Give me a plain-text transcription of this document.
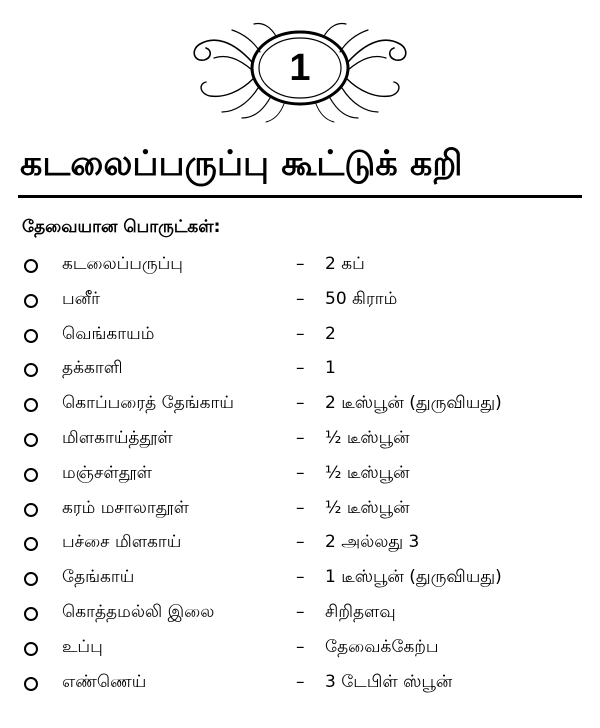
1
கடலைப்பருப்பு கூட்டுக் கறி
தேவையான பொருட்கள்:
கடலைப்பருப்பு	– 2 கப்
பனீர்	– 50 கிராம்
வெங்காயம்	– 2
தக்காளி	– 1
கொப்பரைத் தேங்காய்	– 2 டீஸ்பூன் (துருவியது)
மிளகாய்த்தூள்	– ½ டீஸ்பூன்
மஞ்சள்தூள்	– ½ டீஸ்பூன்
கரம் மசாலாதூள்	– ½ டீஸ்பூன்
பச்சை மிளகாய்	– 2 அல்லது 3
தேங்காய்	– 1 டீஸ்பூன் (துருவியது)
கொத்தமல்லி இலை	– சிறிதளவு
உப்பு	– தேவைக்கேற்ப
எண்ணெய்	– 3 டேபிள் ஸ்பூன்
